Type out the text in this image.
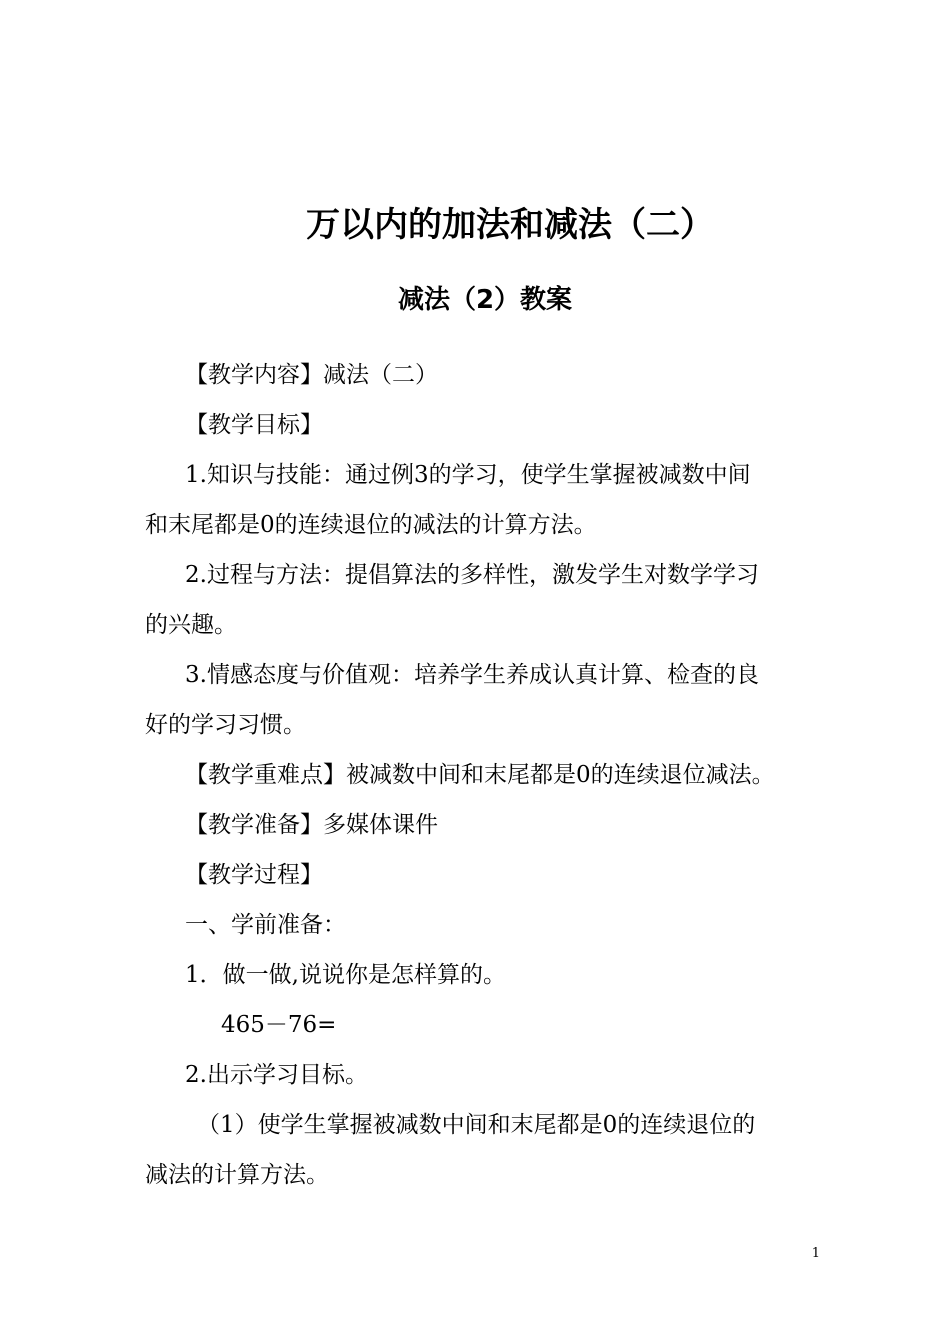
万以内的加法和减法（二）
减法（2）教案
【教学内容】减法（二）
【教学目标】
1.知识与技能：通过例3的学习，使学生掌握被减数中间
和末尾都是0的连续退位的减法的计算方法。
2.过程与方法：提倡算法的多样性，激发学生对数学学习
的兴趣。
3.情感态度与价值观：培养学生养成认真计算、检查的良
好的学习习惯。
【教学重难点】被减数中间和末尾都是0的连续退位减法。
【教学准备】多媒体课件
【教学过程】
一、学前准备：
1．做一做,说说你是怎样算的。
465－76=
2.出示学习目标。
（1）使学生掌握被减数中间和末尾都是0的连续退位的
减法的计算方法。
1
